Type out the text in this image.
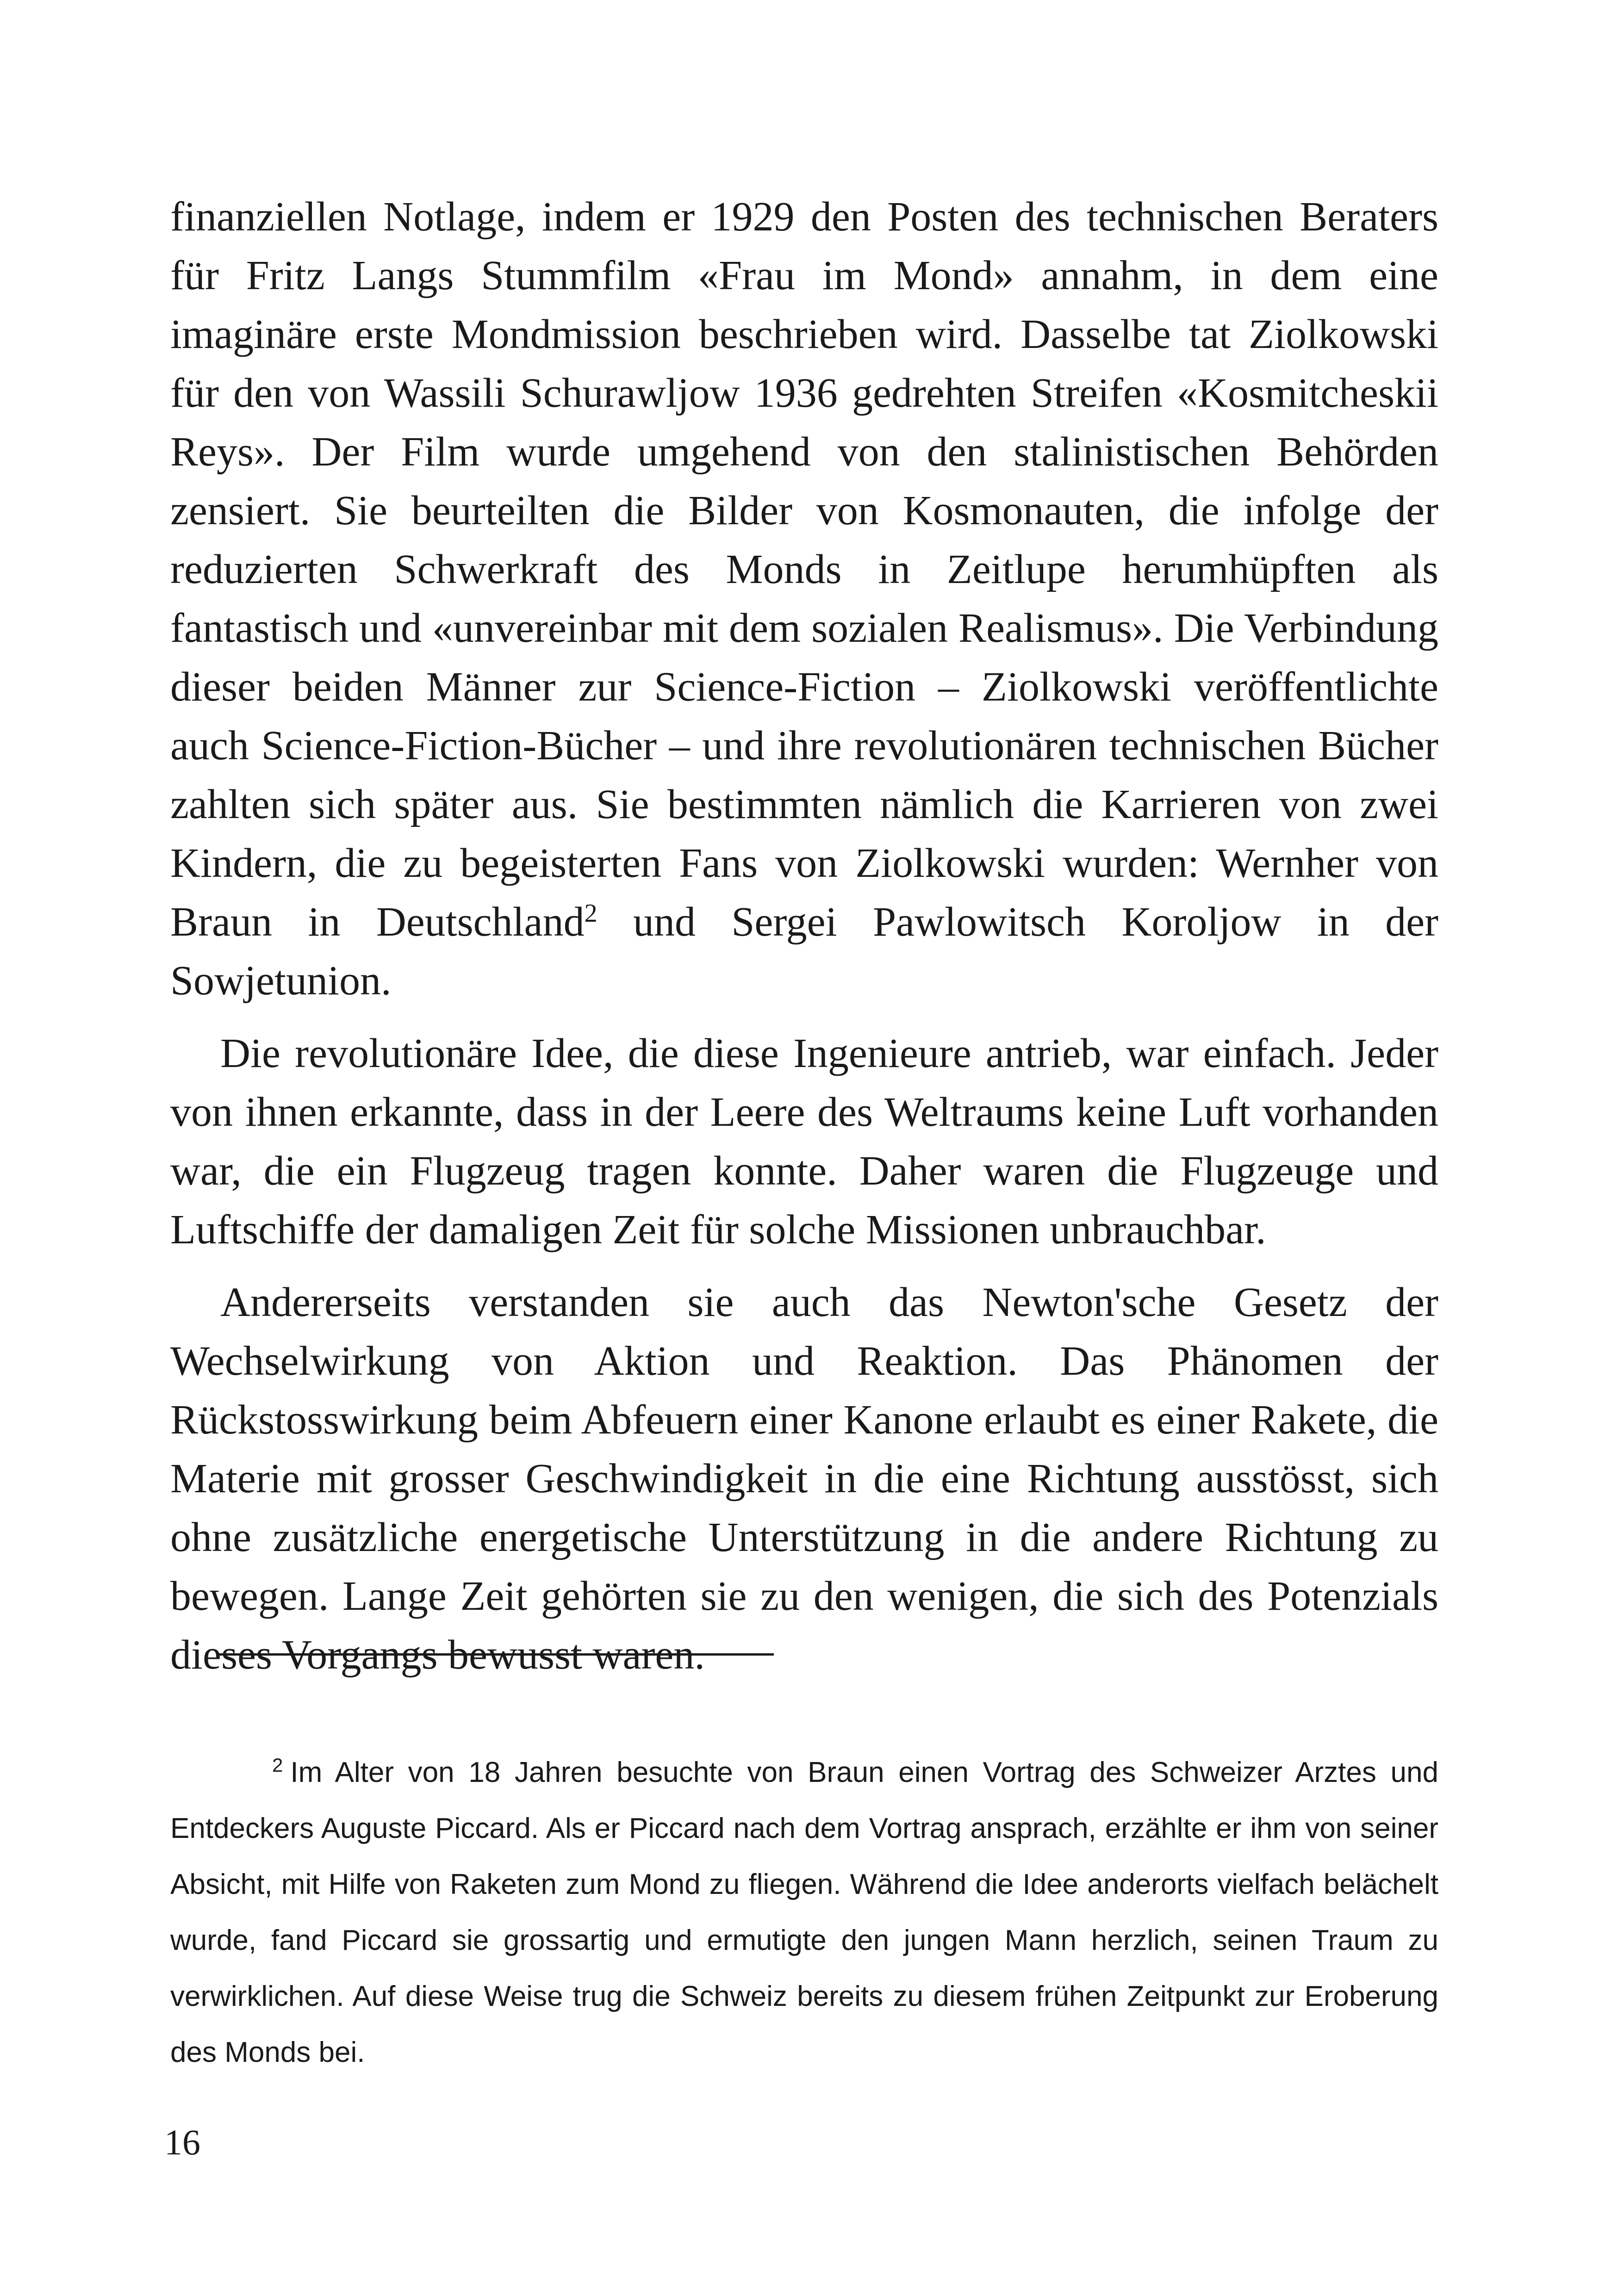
finanziellen Notlage, indem er 1929 den Posten des technischen Beraters für Fritz Langs Stummfilm «Frau im Mond» annahm, in dem eine imaginäre erste Mondmission beschrieben wird. Dasselbe tat Ziolkowski für den von Wassili Schurawljow 1936 gedrehten Streifen «Kosmitcheskii Reys». Der Film wurde umgehend von den stalinistischen Behörden zensiert. Sie beurteilten die Bilder von Kosmonauten, die infolge der reduzierten Schwerkraft des Monds in Zeitlupe herumhüpften als fantastisch und «unvereinbar mit dem sozialen Realismus». Die Verbindung dieser beiden Männer zur Science-Fiction – Ziolkowski veröffentlichte auch Science-Fiction-Bücher – und ihre revolutionären technischen Bücher zahlten sich später aus. Sie bestimmten nämlich die Karrieren von zwei Kindern, die zu begeisterten Fans von Ziolkowski wurden: Wernher von Braun in Deutschland$^2$ und Sergei Pawlowitsch Koroljow in der Sowjetunion.

Die revolutionäre Idee, die diese Ingenieure antrieb, war einfach. Jeder von ihnen erkannte, dass in der Leere des Weltraums keine Luft vorhanden war, die ein Flugzeug tragen konnte. Daher waren die Flugzeuge und Luftschiffe der damaligen Zeit für solche Missionen unbrauchbar.

Andererseits verstanden sie auch das Newton'sche Gesetz der Wechselwirkung von Aktion und Reaktion. Das Phänomen der Rückstosswirkung beim Abfeuern einer Kanone erlaubt es einer Rakete, die Materie mit grosser Geschwindigkeit in die eine Richtung ausstösst, sich ohne zusätzliche energetische Unterstützung in die andere Richtung zu bewegen. Lange Zeit gehörten sie zu den wenigen, die sich des Potenzials dieses Vorgangs bewusst waren.

$^2$ Im Alter von 18 Jahren besuchte von Braun einen Vortrag des Schweizer Arztes und Entdeckers Auguste Piccard. Als er Piccard nach dem Vortrag ansprach, erzählte er ihm von seiner Absicht, mit Hilfe von Raketen zum Mond zu fliegen. Während die Idee anderorts vielfach belächelt wurde, fand Piccard sie grossartig und ermutigte den jungen Mann herzlich, seinen Traum zu verwirklichen. Auf diese Weise trug die Schweiz bereits zu diesem frühen Zeitpunkt zur Eroberung des Monds bei.

16
